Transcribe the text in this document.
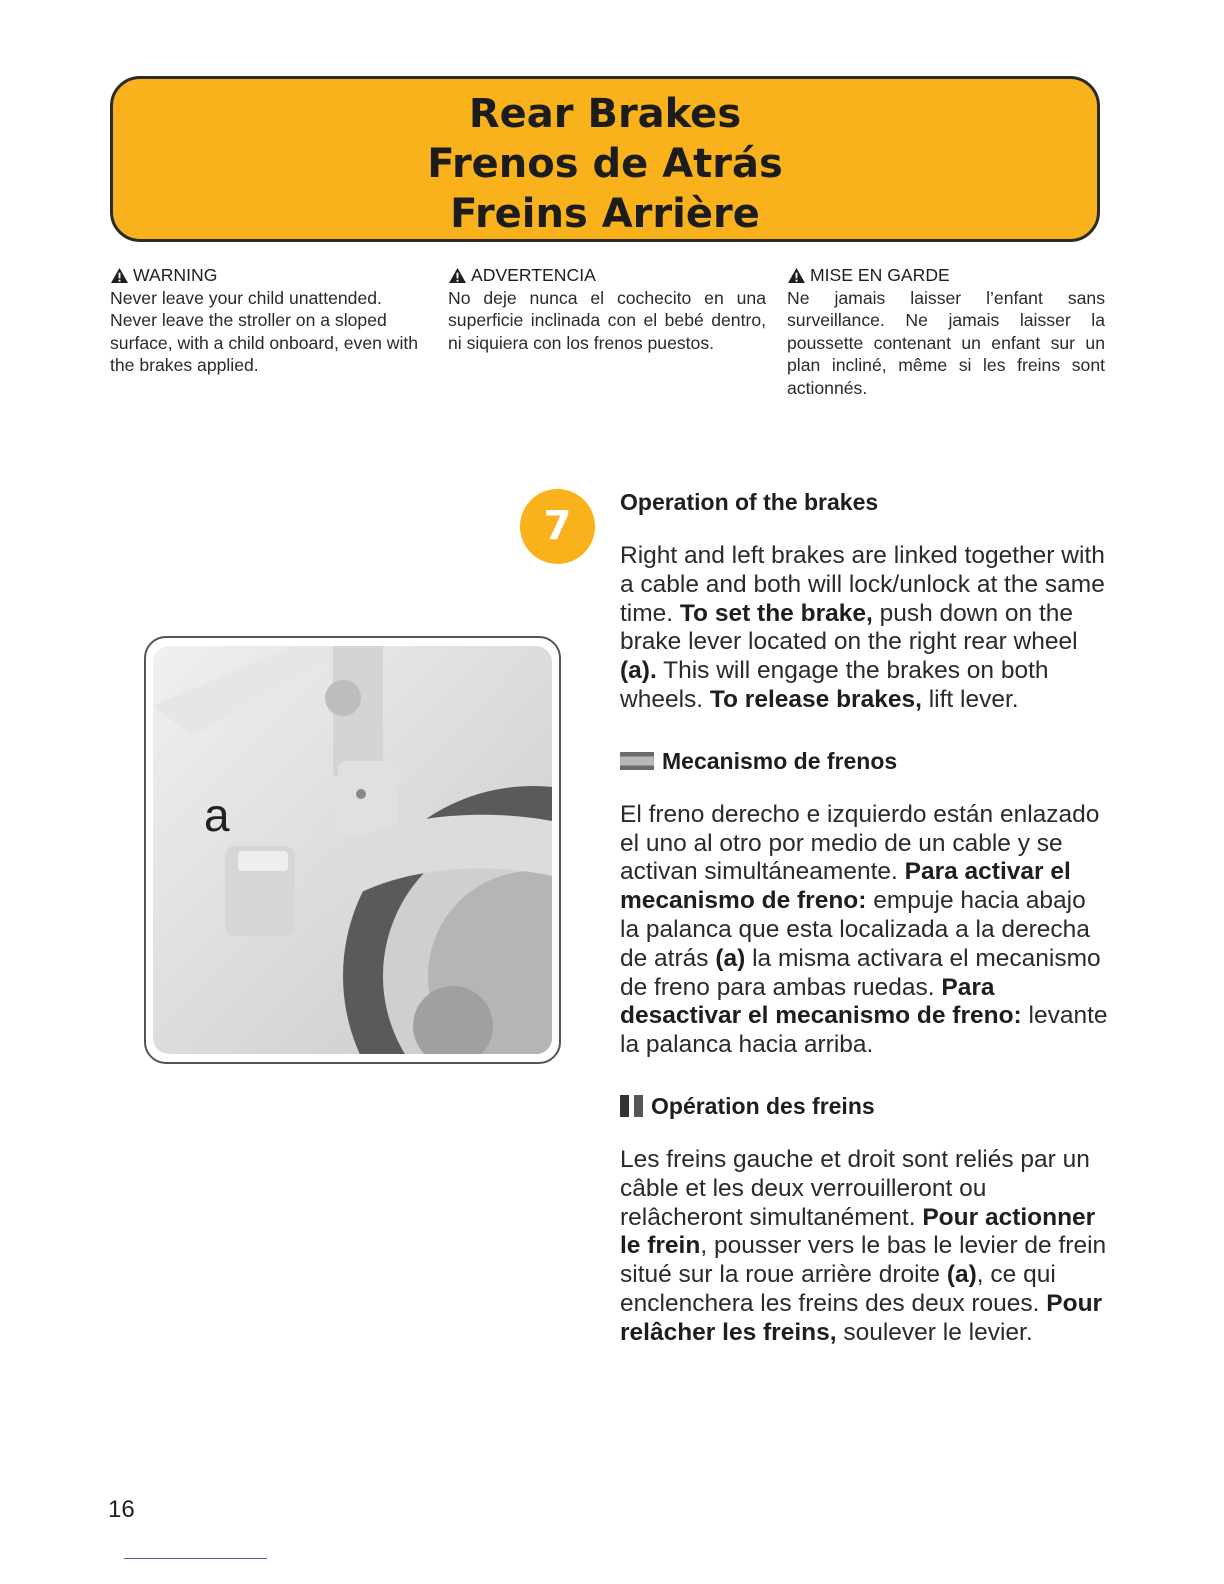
Rear Brakes
Frenos de Atrás
Freins Arrière
WARNING
Never leave your child unattended. Never leave the stroller on a sloped surface, with a child onboard, even with the brakes applied.
ADVERTENCIA
No deje nunca el cochecito en una superficie inclinada con el bebé dentro, ni siquiera con los frenos puestos.
MISE EN GARDE
Ne jamais laisser l’enfant sans surveillance. Ne jamais laisser la poussette contenant un enfant sur un plan incliné, même si les freins sont actionnés.
7
a
Operation of the brakes
Right and left brakes are linked together with a cable and both will lock/unlock at the same time. To set the brake, push down on the brake lever located on the right rear wheel (a). This will engage the brakes on both wheels. To release brakes, lift lever.
Mecanismo de frenos
El freno derecho e izquierdo están enlazado el uno al otro por medio de un cable y se activan simultáneamente. Para activar el mecanismo de freno: empuje hacia abajo la palanca que esta localizada a la derecha de atrás (a) la misma activara el mecanismo de freno para ambas ruedas. Para desactivar el mecanismo de freno: levante la palanca hacia arriba.
Opération des freins
Les freins gauche et droit sont reliés par un câble et les deux verrouilleront ou relâcheront simultanément. Pour actionner le frein, pousser vers le bas le levier de frein situé sur la roue arrière droite (a), ce qui enclenchera les freins des deux roues. Pour relâcher les freins, soulever le levier.
16
